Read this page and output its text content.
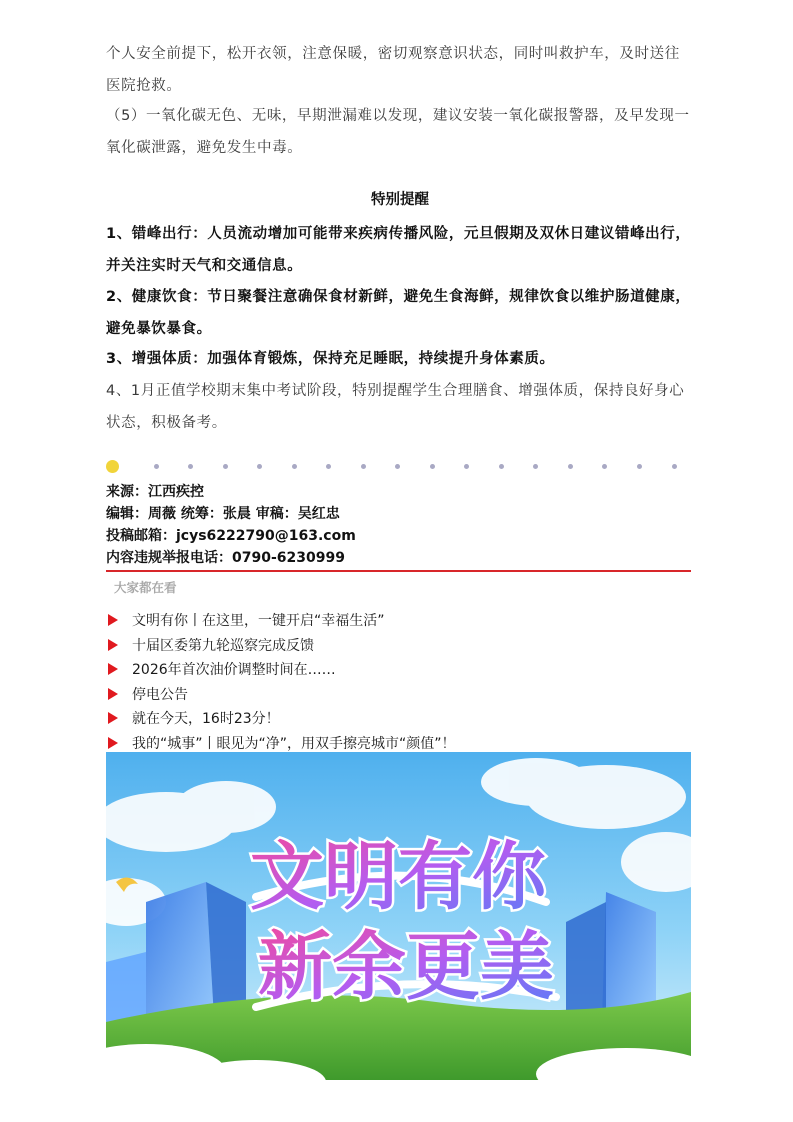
个人安全前提下，松开衣领，注意保暖，密切观察意识状态，同时叫救护车，及时送往医院抢救。

（5）一氧化碳无色、无味，早期泄漏难以发现，建议安装一氧化碳报警器，及早发现一氧化碳泄露，避免发生中毒。

特别提醒

1、错峰出行：人员流动增加可能带来疾病传播风险，元旦假期及双休日建议错峰出行，并关注实时天气和交通信息。

2、健康饮食：节日聚餐注意确保食材新鲜，避免生食海鲜，规律饮食以维护肠道健康，避免暴饮暴食。

3、增强体质：加强体育锻炼，保持充足睡眠，持续提升身体素质。

4、1月正值学校期末集中考试阶段，特别提醒学生合理膳食、增强体质，保持良好身心状态，积极备考。

来源：江西疾控

编辑：周薇 统筹：张晨 审稿：吴红忠

投稿邮箱：jcys6222790@163.com

内容违规举报电话：0790-6230999

大家都在看
文明有你丨在这里，一键开启“幸福生活”
十届区委第九轮巡察完成反馈
2026年首次油价调整时间在……
停电公告
就在今天，16时23分！
我的“城事”丨眼见为“净”，用双手擦亮城市“颜值”！
文明有你
新余更美
